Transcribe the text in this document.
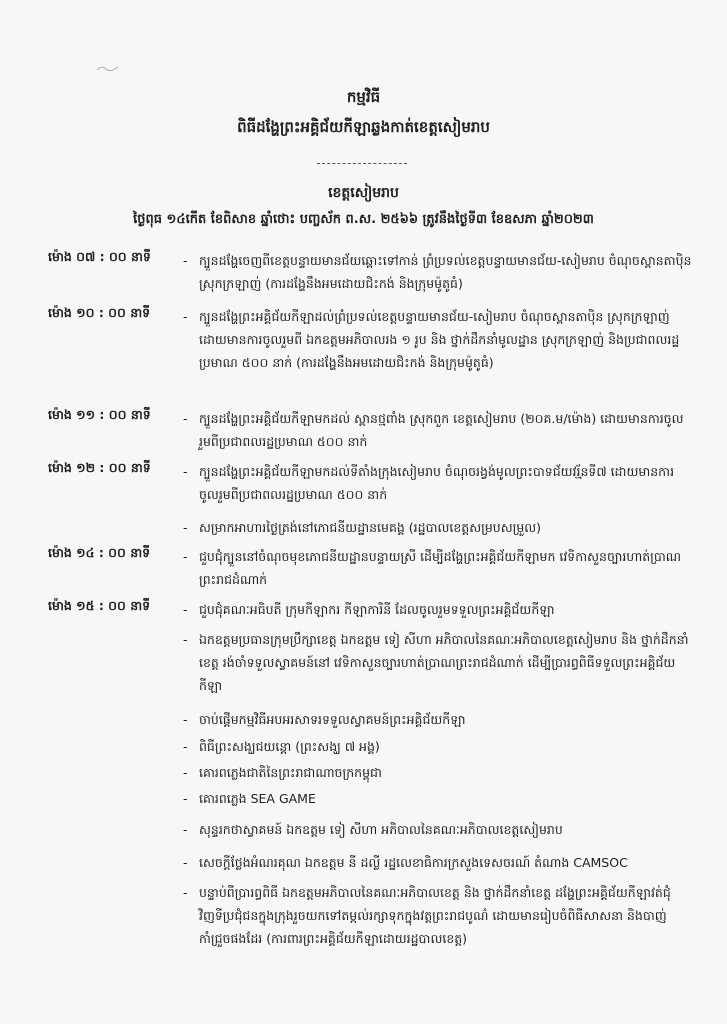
កម្មវិធី
ពិធីដង្ហែព្រះអគ្គិជ័យកីឡាឆ្លងកាត់ខេត្តសៀមរាប
ខេត្តសៀមរាប
ថ្ងៃពុធ ១៤កើត ខែពិសាខ ឆ្នាំថោះ បញ្ចស័ក ព.ស. ២៥៦៦ ត្រូវនឹងថ្ងៃទី៣ ខែឧសភា ឆ្នាំ២០២៣
ម៉ោង ០៧ : ០០ នាទី	- ក្បួនដង្ហែចេញពីខេត្តបន្ទាយមានជ័យឆ្ពោះទៅកាន់ ព្រំប្រទល់ខេត្តបន្ទាយមានជ័យ-សៀមរាប ចំណុចស្ពានតាប៉ិន ស្រុកក្រឡាញ់ (ការដង្ហែនឹងអមដោយជិះកង់ និងក្រុមម៉ូតូធំ)
ម៉ោង ១០ : ០០ នាទី	- ក្បួនដង្ហែព្រះអគ្គិជ័យកីឡាដល់ព្រំប្រទល់ខេត្តបន្ទាយមានជ័យ-សៀមរាប ចំណុចស្ពានតាប៉ិន ស្រុកក្រឡាញ់ ដោយមានការចូលរួមពី ឯកឧត្តមអភិបាលរង ១ រូប និង ថ្នាក់ដឹកនាំមូលដ្ឋាន ស្រុកក្រឡាញ់ និងប្រជាពលរដ្ឋប្រមាណ ៥០០ នាក់ (ការដង្ហែនឹងអមដោយជិះកង់ និងក្រុមម៉ូតូធំ)
ម៉ោង ១១ : ០០ នាទី	- ក្បួនដង្ហែព្រះអគ្គិជ័យកីឡាមកដល់ ស្ពានថ្មពាំង ស្រុកពួក ខេត្តសៀមរាប (២០គ.ម/ម៉ោង) ដោយមានការចូលរួមពីប្រជាពលរដ្ឋប្រមាណ ៥០០ នាក់
ម៉ោង ១២ : ០០ នាទី	- ក្បួនដង្ហែព្រះអគ្គិជ័យកីឡាមកដល់ទីតាំងក្រុងសៀមរាប ចំណុចរង្វង់មូលព្រះបាទជ័យវរ្ម័នទី៧ ដោយមានការចូលរួមពីប្រជាពលរដ្ឋប្រមាណ ៥០០ នាក់
- សម្រាកអាហារថ្ងៃត្រង់នៅភោជនីយដ្ឋានមេគង្គ (រដ្ឋបាលខេត្តសម្របសម្រួល)
ម៉ោង ១៤ : ០០ នាទី	- ជួបជុំក្បួននៅចំណុចមុខភោជនីយដ្ឋានបន្ទាយស្រី ដើម្បីដង្ហែព្រះអគ្គិជ័យកីឡាមក វេទិកាសួនច្បារហាត់ប្រាណព្រះរាជដំណាក់
ម៉ោង ១៥ : ០០ នាទី	- ជួបជុំគណៈអធិបតី ក្រុមកីឡាករ កីឡាការិនី ដែលចូលរួមទទួលព្រះអគ្គិជ័យកីឡា
- ឯកឧត្តមប្រធានក្រុមប្រឹក្សាខេត្ត ឯកឧត្តម ទៀ សីហា អភិបាលនៃគណៈអភិបាលខេត្តសៀមរាប និង ថ្នាក់ដឹកនាំខេត្ត រង់ចាំទទួលស្វាគមន៍នៅ វេទិកាសួនច្បារហាត់ប្រាណព្រះរាជដំណាក់ ដើម្បីប្រារព្ធពិធីទទួលព្រះអគ្គិជ័យកីឡា
- ចាប់ផ្ដើមកម្មវិធីអបអរសាទរទទួលស្វាគមន៍ព្រះអគ្គិជ័យកីឡា
- ពិធីព្រះសង្ឃជយន្តោ (ព្រះសង្ឃ ៧ អង្គ)
- គោរពភ្លេងជាតិនៃព្រះរាជាណាចក្រកម្ពុជា
- គោរពភ្លេង SEA GAME
- សុន្ទរកថាស្វាគមន៍ ឯកឧត្តម ទៀ សីហា អភិបាលនៃគណៈអភិបាលខេត្តសៀមរាប
- សេចក្តីថ្លែងអំណរគុណ ឯកឧត្តម នី ដល្លី រដ្ឋលេខាធិការក្រសួងទេសចរណ៍ តំណាង CAMSOC
- បន្ទាប់ពីប្រារព្ធពិធី ឯកឧត្តមអភិបាលនៃគណៈអភិបាលខេត្ត និង ថ្នាក់ដឹកនាំខេត្ត ដង្ហែព្រះអគ្គិជ័យកីឡាវត់ជុំវិញទីប្រជុំជនក្នុងក្រុងរួចយកទៅតម្កល់រក្សាទុកក្នុងវត្តព្រះរាជបូណ៌ ដោយមានរៀបចំពិធីសាសនា និងបាញ់កាំជ្រួចផងដែរ (ការពារព្រះអគ្គិជ័យកីឡាដោយរដ្ឋបាលខេត្ត)
